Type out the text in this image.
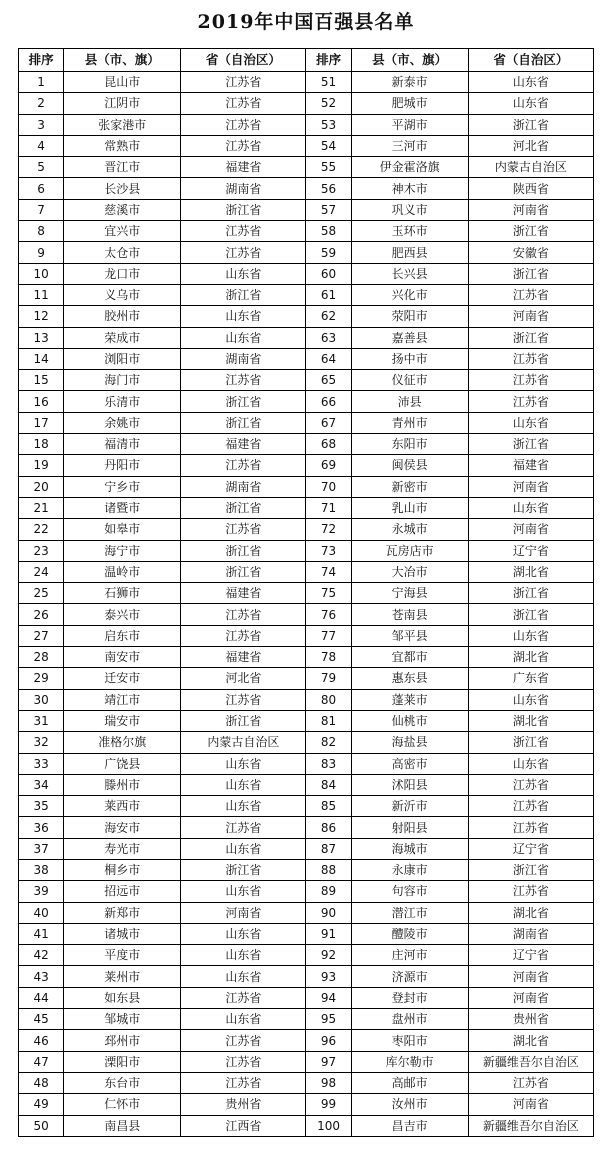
2019年中国百强县名单
排序	县（市、旗）	省（自治区）	排序	县（市、旗）	省（自治区）
1	昆山市	江苏省	51	新泰市	山东省
2	江阴市	江苏省	52	肥城市	山东省
3	张家港市	江苏省	53	平湖市	浙江省
4	常熟市	江苏省	54	三河市	河北省
5	晋江市	福建省	55	伊金霍洛旗	内蒙古自治区
6	长沙县	湖南省	56	神木市	陕西省
7	慈溪市	浙江省	57	巩义市	河南省
8	宜兴市	江苏省	58	玉环市	浙江省
9	太仓市	江苏省	59	肥西县	安徽省
10	龙口市	山东省	60	长兴县	浙江省
11	义乌市	浙江省	61	兴化市	江苏省
12	胶州市	山东省	62	荥阳市	河南省
13	荣成市	山东省	63	嘉善县	浙江省
14	浏阳市	湖南省	64	扬中市	江苏省
15	海门市	江苏省	65	仪征市	江苏省
16	乐清市	浙江省	66	沛县	江苏省
17	余姚市	浙江省	67	青州市	山东省
18	福清市	福建省	68	东阳市	浙江省
19	丹阳市	江苏省	69	闽侯县	福建省
20	宁乡市	湖南省	70	新密市	河南省
21	诸暨市	浙江省	71	乳山市	山东省
22	如皋市	江苏省	72	永城市	河南省
23	海宁市	浙江省	73	瓦房店市	辽宁省
24	温岭市	浙江省	74	大冶市	湖北省
25	石狮市	福建省	75	宁海县	浙江省
26	泰兴市	江苏省	76	苍南县	浙江省
27	启东市	江苏省	77	邹平县	山东省
28	南安市	福建省	78	宜都市	湖北省
29	迁安市	河北省	79	惠东县	广东省
30	靖江市	江苏省	80	蓬莱市	山东省
31	瑞安市	浙江省	81	仙桃市	湖北省
32	准格尔旗	内蒙古自治区	82	海盐县	浙江省
33	广饶县	山东省	83	高密市	山东省
34	滕州市	山东省	84	沭阳县	江苏省
35	莱西市	山东省	85	新沂市	江苏省
36	海安市	江苏省	86	射阳县	江苏省
37	寿光市	山东省	87	海城市	辽宁省
38	桐乡市	浙江省	88	永康市	浙江省
39	招远市	山东省	89	句容市	江苏省
40	新郑市	河南省	90	潜江市	湖北省
41	诸城市	山东省	91	醴陵市	湖南省
42	平度市	山东省	92	庄河市	辽宁省
43	莱州市	山东省	93	济源市	河南省
44	如东县	江苏省	94	登封市	河南省
45	邹城市	山东省	95	盘州市	贵州省
46	邳州市	江苏省	96	枣阳市	湖北省
47	溧阳市	江苏省	97	库尔勒市	新疆维吾尔自治区
48	东台市	江苏省	98	高邮市	江苏省
49	仁怀市	贵州省	99	汝州市	河南省
50	南昌县	江西省	100	昌吉市	新疆维吾尔自治区
